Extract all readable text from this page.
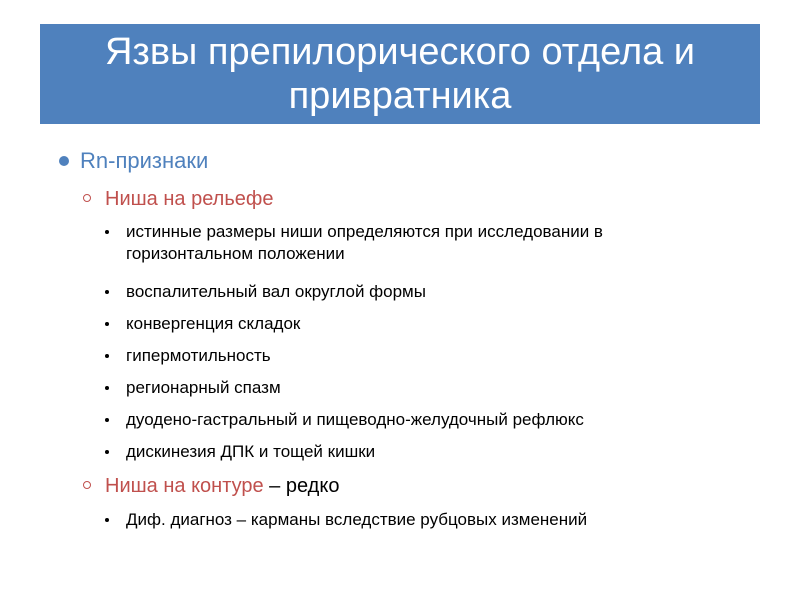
Язвы препилорического отдела и привратника
Rn-признаки
Ниша на рельефе
истинные размеры ниши определяются при исследовании в горизонтальном положении
воспалительный вал округлой формы
конвергенция складок
гипермотильность
регионарный спазм
дуодено-гастральный и пищеводно-желудочный рефлюкс
дискинезия ДПК и тощей кишки
Ниша на контуре – редко
Диф. диагноз – карманы вследствие рубцовых изменений
